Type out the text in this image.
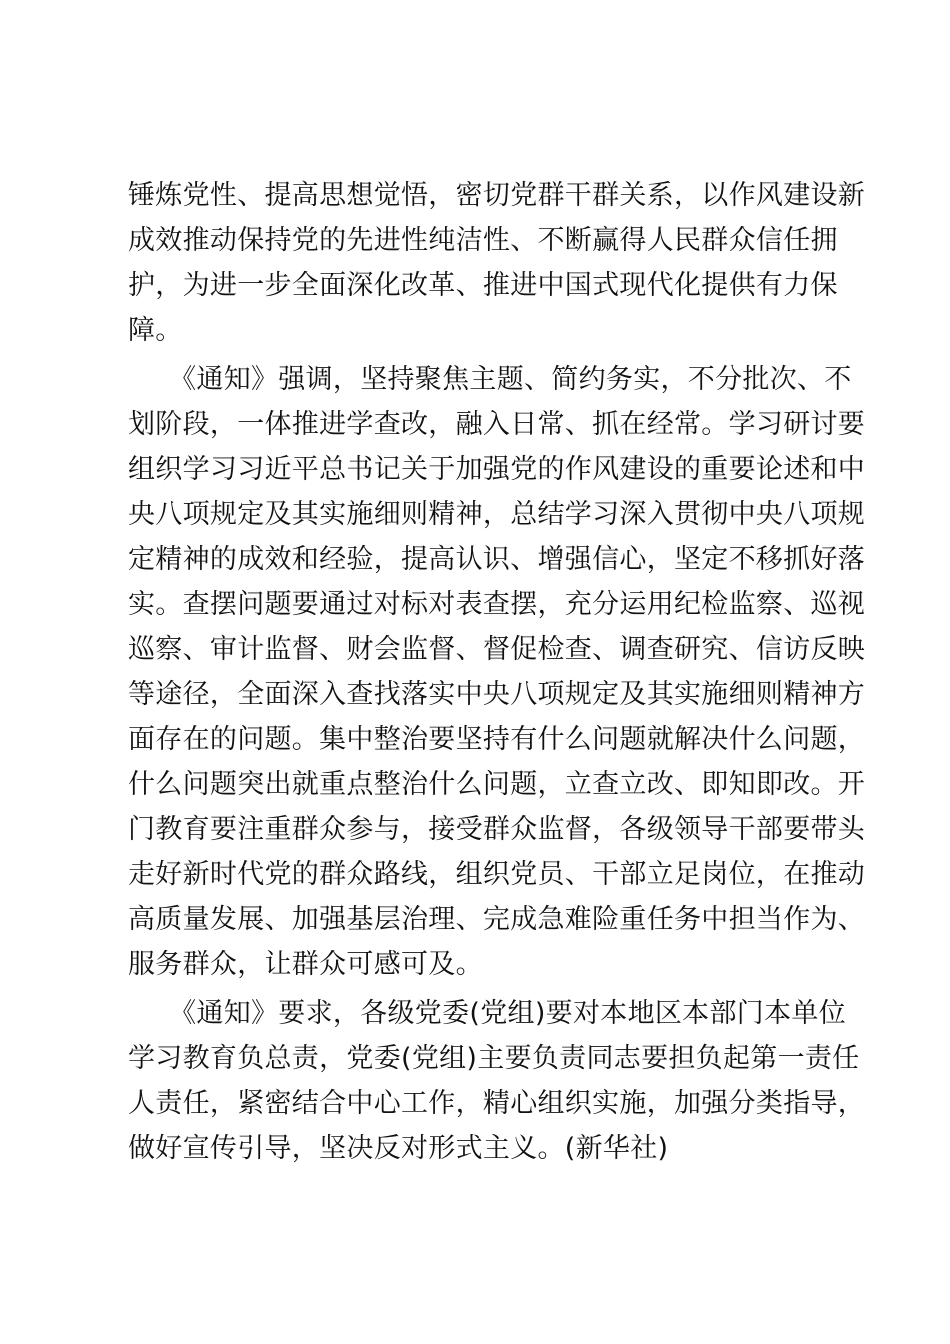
锤炼党性、提高思想觉悟，密切党群干群关系，以作风建设新
成效推动保持党的先进性纯洁性、不断赢得人民群众信任拥
护，为进一步全面深化改革、推进中国式现代化提供有力保
障。
　　《通知》强调，坚持聚焦主题、简约务实，不分批次、不
划阶段，一体推进学查改，融入日常、抓在经常。学习研讨要
组织学习习近平总书记关于加强党的作风建设的重要论述和中
央八项规定及其实施细则精神，总结学习深入贯彻中央八项规
定精神的成效和经验，提高认识、增强信心，坚定不移抓好落
实。查摆问题要通过对标对表查摆，充分运用纪检监察、巡视
巡察、审计监督、财会监督、督促检查、调查研究、信访反映
等途径，全面深入查找落实中央八项规定及其实施细则精神方
面存在的问题。集中整治要坚持有什么问题就解决什么问题，
什么问题突出就重点整治什么问题，立查立改、即知即改。开
门教育要注重群众参与，接受群众监督，各级领导干部要带头
走好新时代党的群众路线，组织党员、干部立足岗位，在推动
高质量发展、加强基层治理、完成急难险重任务中担当作为、
服务群众，让群众可感可及。
　　《通知》要求，各级党委(党组)要对本地区本部门本单位
学习教育负总责，党委(党组)主要负责同志要担负起第一责任
人责任，紧密结合中心工作，精心组织实施，加强分类指导，
做好宣传引导，坚决反对形式主义。(新华社)
